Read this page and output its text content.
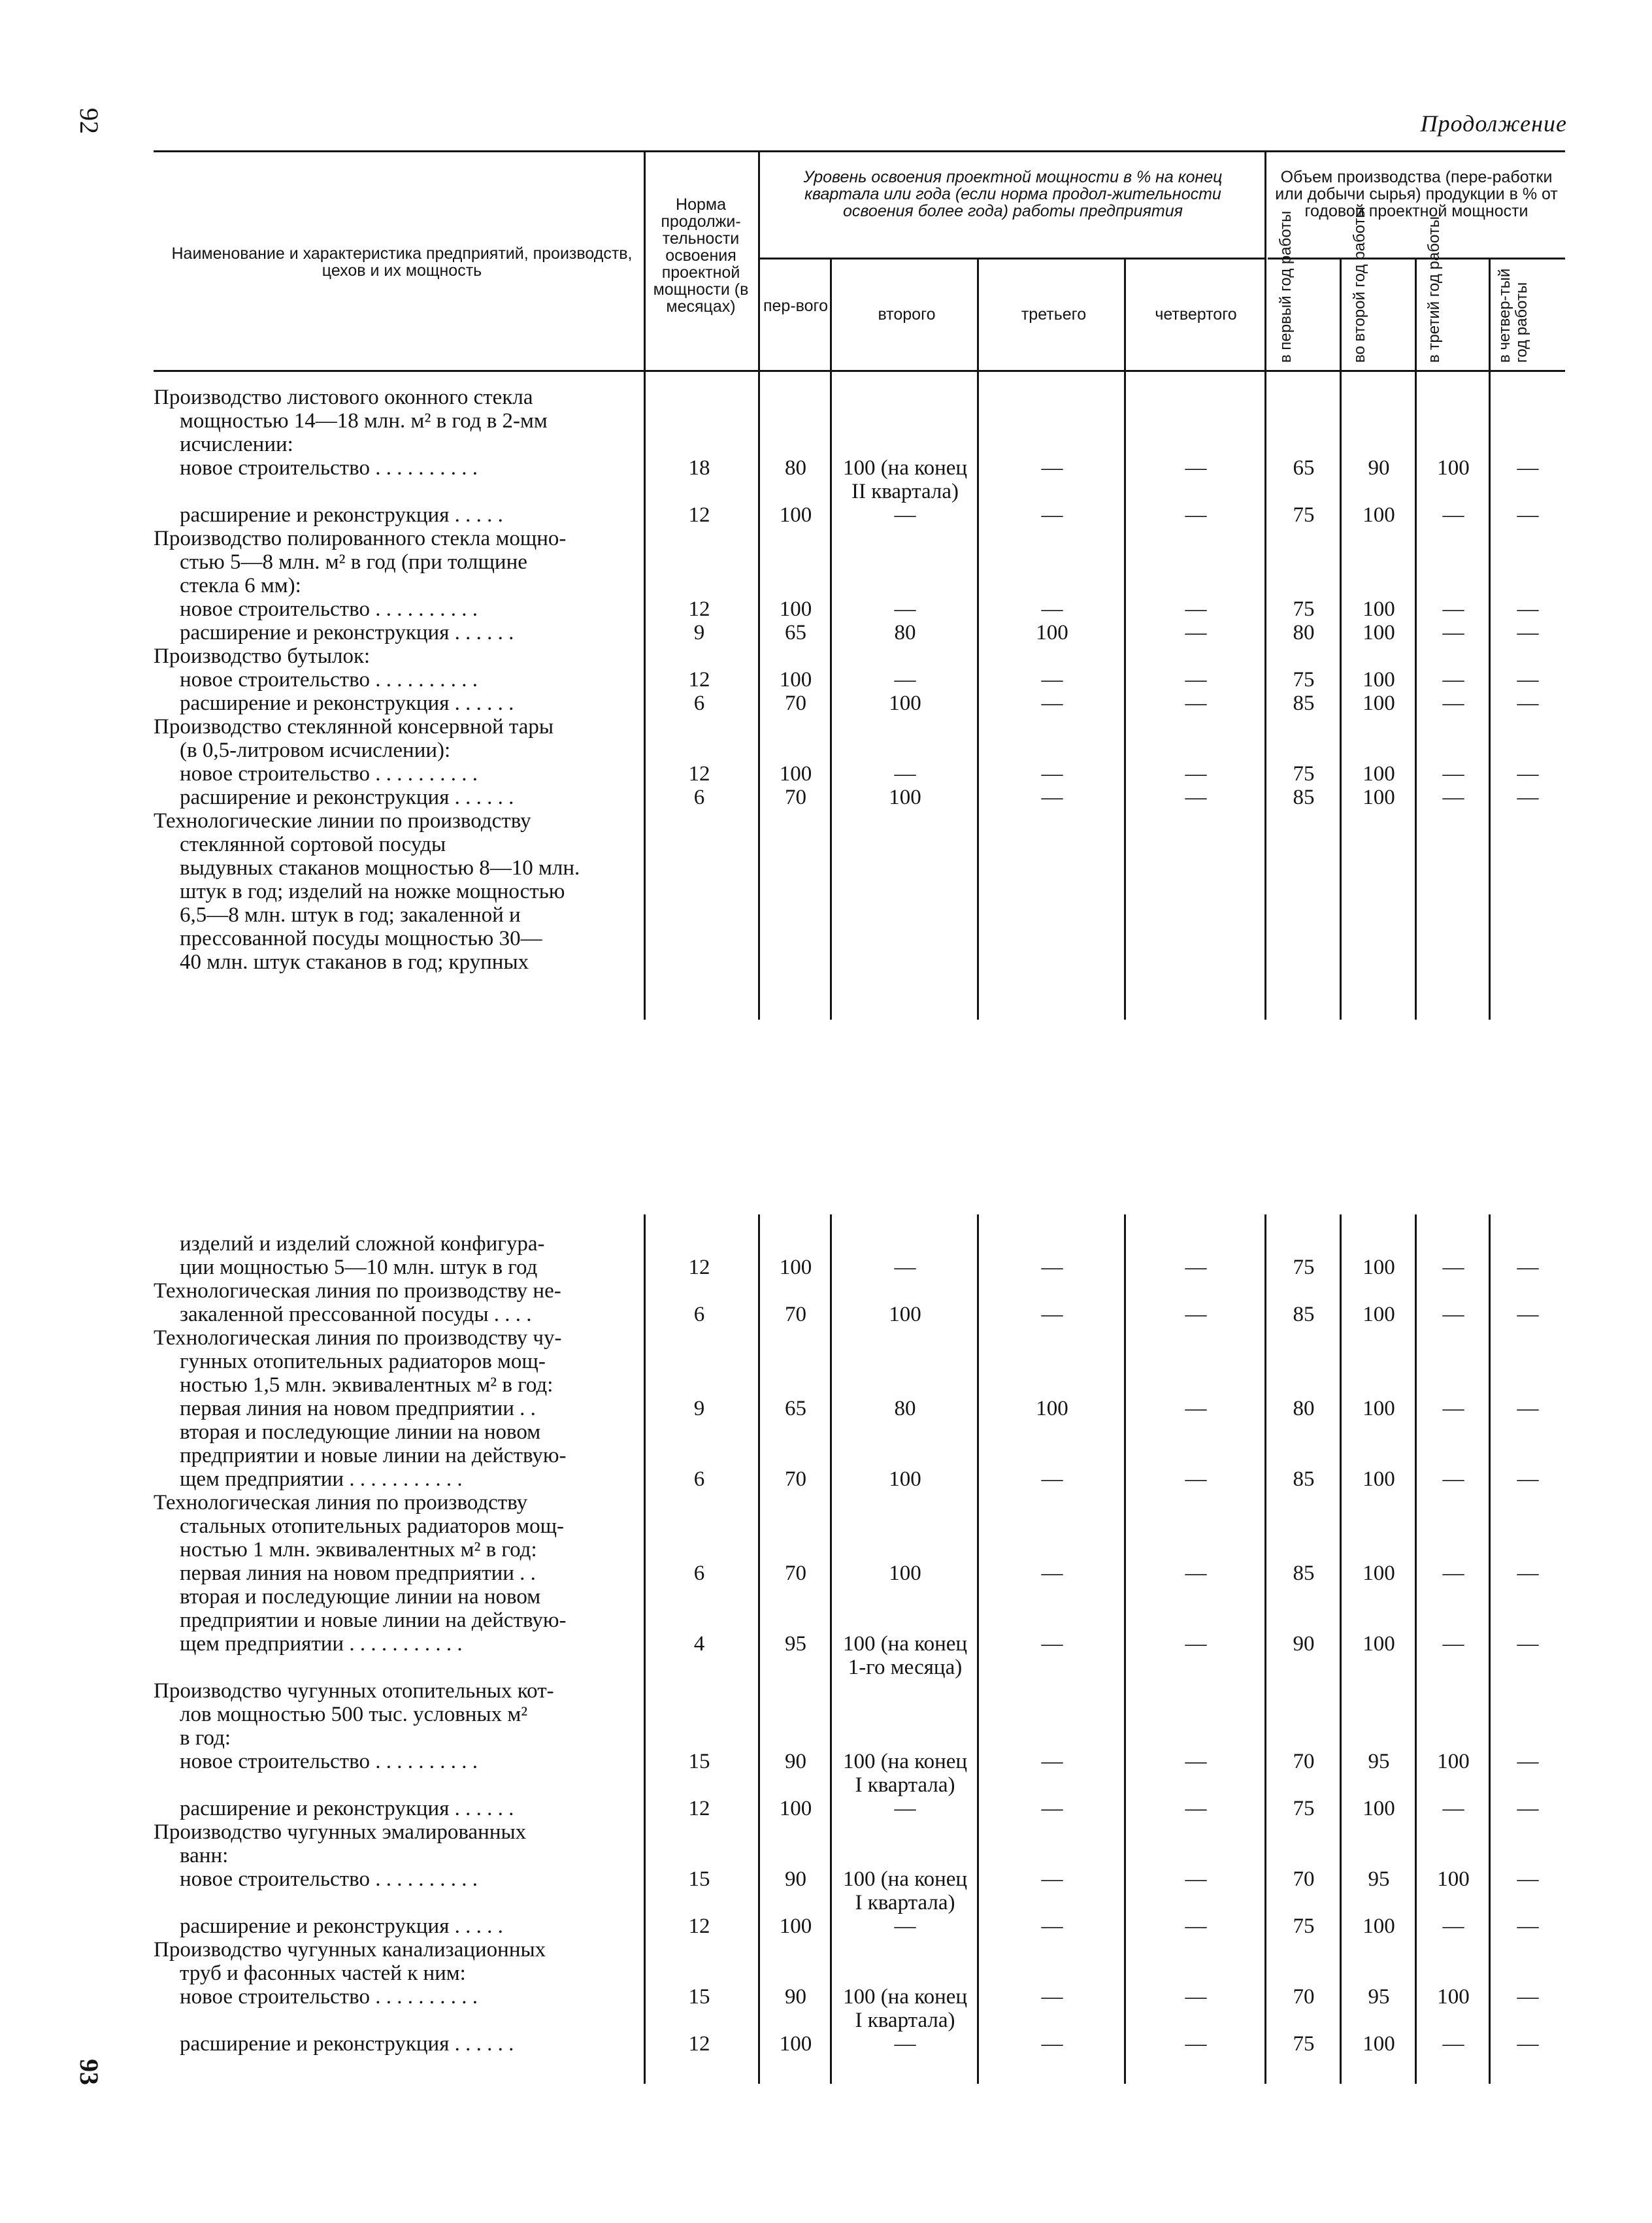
92	Продолжение
93
Наименование и характеристика предприятий, производств, цехов и их мощность
Норма продолжи-тельности освоения проектной мощности (в месяцах)
Уровень освоения проектной мощности в % на конец квартала или года (если норма продол-жительности освоения более года) работы предприятия
Объем производства (пере-работки или добычи сырья) продукции в % от годовой проектной мощности
пер-вого	второго	третьего	четвертого	в первый год работы	во второй год работы	в третий год работы	в четвер-тый год работы
Производство листового оконного стекла
мощностью 14—18 млн. м² в год в 2-мм
исчислении:
новое строительство . . . . . . . . . .	18	80	100 (на конец	—	—	65	90	100	—
II квартала)
расширение и реконструкция . . . . .	12	100	—	—	—	75	100	—	—
Производство полированного стекла мощно-
стью 5—8 млн. м² в год (при толщине
стекла 6 мм):
новое строительство . . . . . . . . . .	12	100	—	—	—	75	100	—	—
расширение и реконструкция . . . . . .	9	65	80	100	—	80	100	—	—
Производство бутылок:
новое строительство . . . . . . . . . .	12	100	—	—	—	75	100	—	—
расширение и реконструкция . . . . . .	6	70	100	—	—	85	100	—	—
Производство стеклянной консервной тары
(в 0,5-литровом исчислении):
новое строительство . . . . . . . . . .	12	100	—	—	—	75	100	—	—
расширение и реконструкция . . . . . .	6	70	100	—	—	85	100	—	—
Технологические линии по производству
стеклянной сортовой посуды
выдувных стаканов мощностью 8—10 млн.
штук в год; изделий на ножке мощностью
6,5—8 млн. штук в год; закаленной и
прессованной посуды мощностью 30—
40 млн. штук стаканов в год; крупных
изделий и изделий сложной конфигура-
ции мощностью 5—10 млн. штук в год	12	100	—	—	—	75	100	—	—
Технологическая линия по производству не-
закаленной прессованной посуды . . . .	6	70	100	—	—	85	100	—	—
Технологическая линия по производству чу-
гунных отопительных радиаторов мощ-
ностью 1,5 млн. эквивалентных м² в год:
первая линия на новом предприятии . .	9	65	80	100	—	80	100	—	—
вторая и последующие линии на новом
предприятии и новые линии на действую-
щем предприятии . . . . . . . . . . .	6	70	100	—	—	85	100	—	—
Технологическая линия по производству
стальных отопительных радиаторов мощ-
ностью 1 млн. эквивалентных м² в год:
первая линия на новом предприятии . .	6	70	100	—	—	85	100	—	—
вторая и последующие линии на новом
предприятии и новые линии на действую-
щем предприятии . . . . . . . . . . .	4	95	100 (на конец	—	—	90	100	—	—
1-го месяца)
Производство чугунных отопительных кот-
лов мощностью 500 тыс. условных м²
в год:
новое строительство . . . . . . . . . .	15	90	100 (на конец	—	—	70	95	100	—
I квартала)
расширение и реконструкция . . . . . .	12	100	—	—	—	75	100	—	—
Производство чугунных эмалированных
ванн:
новое строительство . . . . . . . . . .	15	90	100 (на конец	—	—	70	95	100	—
I квартала)
расширение и реконструкция . . . . .	12	100	—	—	—	75	100	—	—
Производство чугунных канализационных
труб и фасонных частей к ним:
новое строительство . . . . . . . . . .	15	90	100 (на конец	—	—	70	95	100	—
I квартала)
расширение и реконструкция . . . . . .	12	100	—	—	—	75	100	—	—
